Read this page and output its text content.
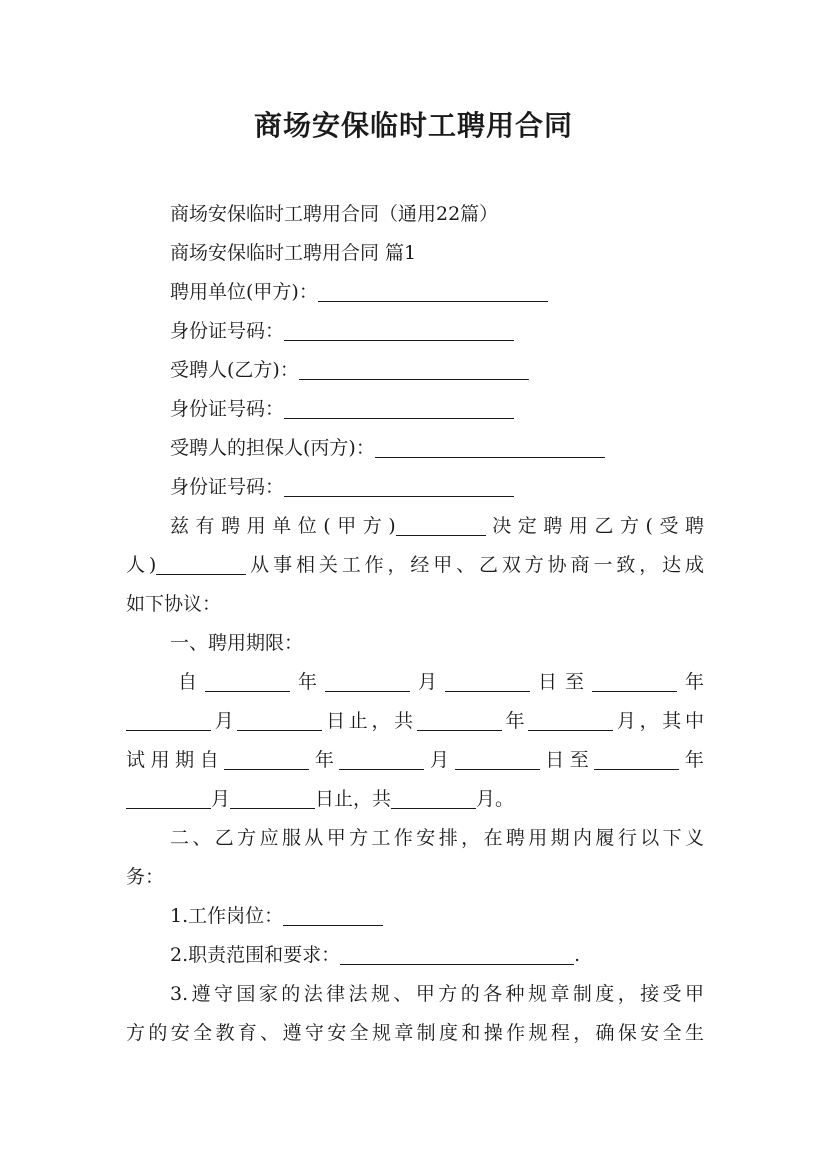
商场安保临时工聘用合同

商场安保临时工聘用合同（通用22篇）

商场安保临时工聘用合同 篇1

聘用单位(甲方)：

身份证号码：

受聘人(乙方)：

身份证号码：

受聘人的担保人(丙方)：

身份证号码：

兹有聘用单位(甲方)	决定聘用乙方(受聘

人)	从事相关工作，经甲、乙双方协商一致，达成

如下协议：

一、聘用期限：

自	年	月	日至	年

月	日止，共	年	月，其中

试用期自	年	月	日至	年

月	日止，共	月。

二、乙方应服从甲方工作安排，在聘用期内履行以下义

务：

1.工作岗位：

2.职责范围和要求：	.

3.遵守国家的法律法规、甲方的各种规章制度，接受甲

方的安全教育、遵守安全规章制度和操作规程，确保安全生
